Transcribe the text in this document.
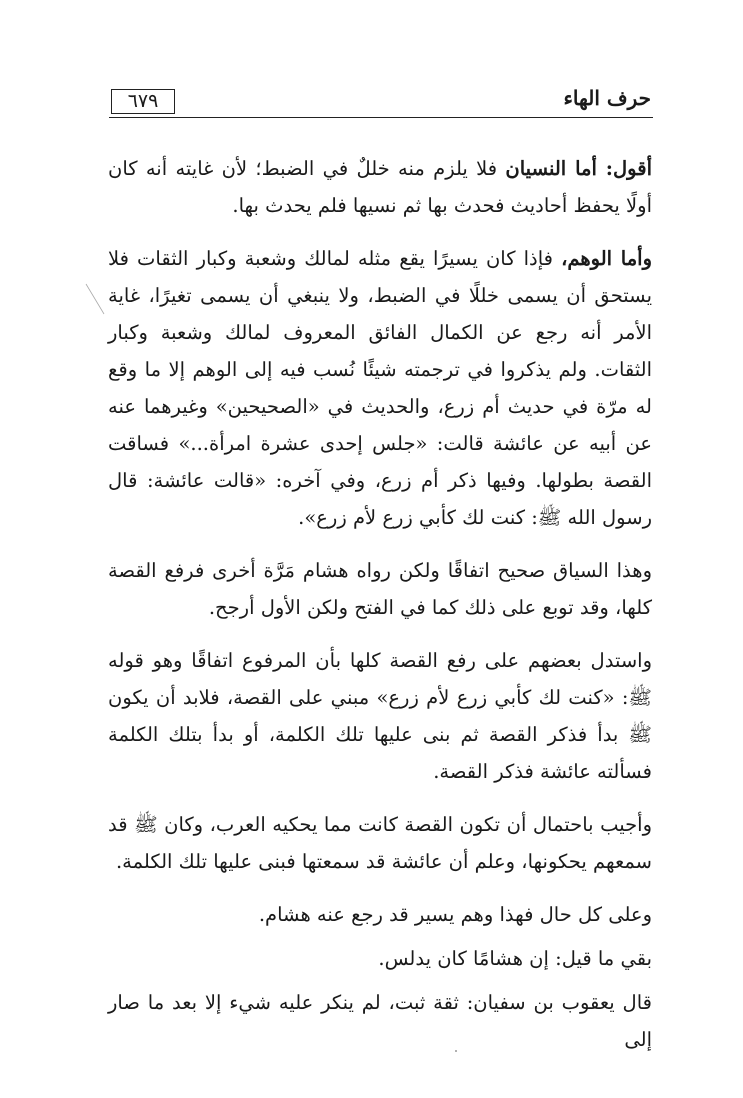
٦٧٩	حرف الهاء

أقول: أما النسيان فلا يلزم منه خللٌ في الضبط؛ لأن غايته أنه كان أولًا يحفظ أحاديث فحدث بها ثم نسيها فلم يحدث بها.

وأما الوهم، فإذا كان يسيرًا يقع مثله لمالك وشعبة وكبار الثقات فلا يستحق أن يسمى خللًا في الضبط، ولا ينبغي أن يسمى تغيرًا، غاية الأمر أنه رجع عن الكمال الفائق المعروف لمالك وشعبة وكبار الثقات. ولم يذكروا في ترجمته شيئًا نُسب فيه إلى الوهم إلا ما وقع له مرّة في حديث أم زرع، والحديث في «الصحيحين» وغيرهما عنه عن أبيه عن عائشة قالت: «جلس إحدى عشرة امرأة...» فساقت القصة بطولها. وفيها ذكر أم زرع، وفي آخره: «قالت عائشة: قال رسول الله ﷺ: كنت لك كأبي زرع لأم زرع».

وهذا السياق صحيح اتفاقًا ولكن رواه هشام مَرَّة أخرى فرفع القصة كلها، وقد توبع على ذلك كما في الفتح ولكن الأول أرجح.

واستدل بعضهم على رفع القصة كلها بأن المرفوع اتفاقًا وهو قوله ﷺ: «كنت لك كأبي زرع لأم زرع» مبني على القصة، فلابد أن يكون ﷺ بدأ فذكر القصة ثم بنى عليها تلك الكلمة، أو بدأ بتلك الكلمة فسألته عائشة فذكر القصة.

وأجيب باحتمال أن تكون القصة كانت مما يحكيه العرب، وكان ﷺ قد سمعهم يحكونها، وعلم أن عائشة قد سمعتها فبنى عليها تلك الكلمة.

وعلى كل حال فهذا وهم يسير قد رجع عنه هشام.

بقي ما قيل: إن هشامًا كان يدلس.

قال يعقوب بن سفيان: ثقة ثبت، لم ينكر عليه شيء إلا بعد ما صار إلى
